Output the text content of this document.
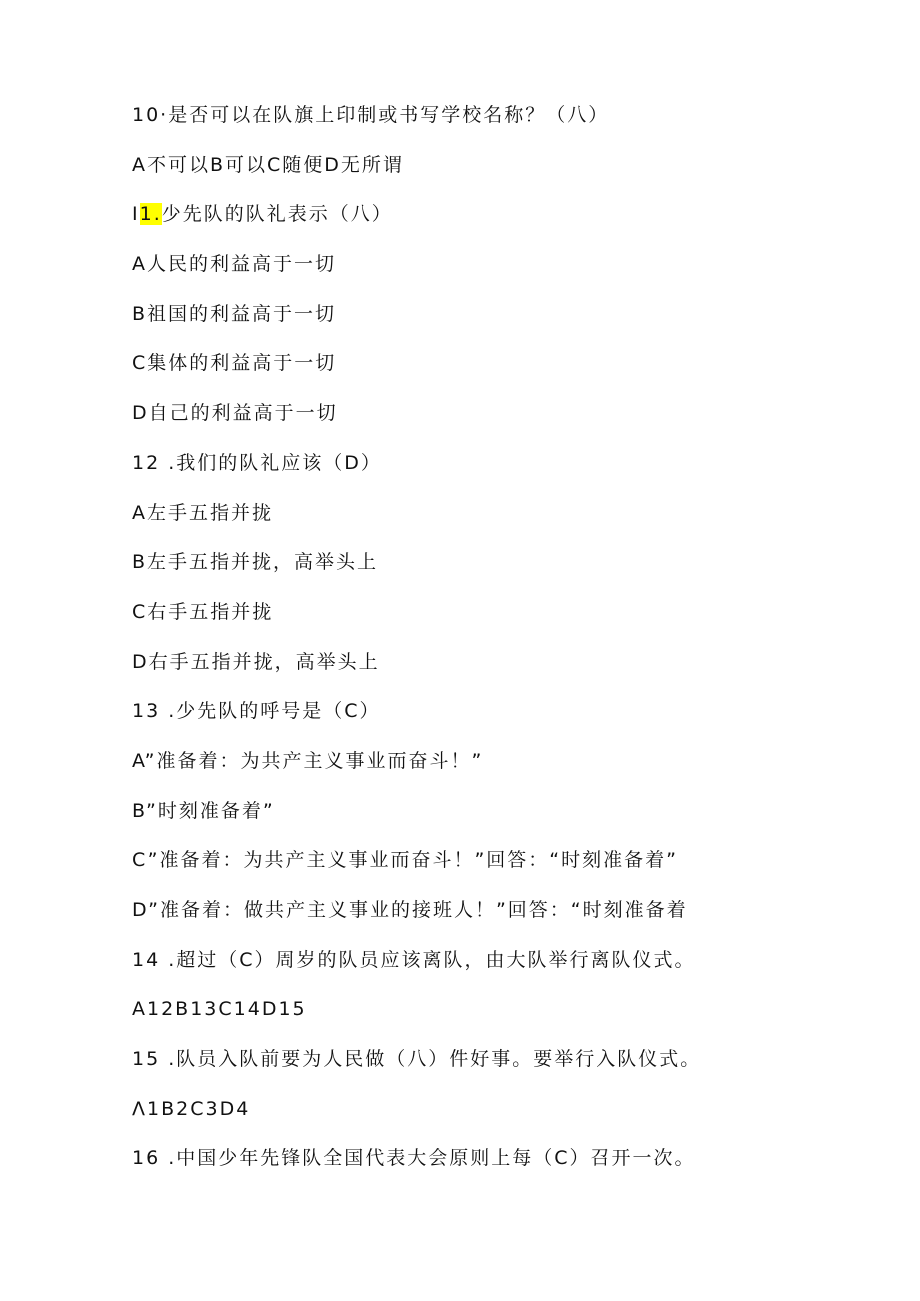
10·是否可以在队旗上印制或书写学校名称？（八）
A不可以B可以C随便D无所谓
I1.少先队的队礼表示（八）
A人民的利益高于一切
B祖国的利益高于一切
C集体的利益高于一切
D自己的利益高于一切
12 .我们的队礼应该（D）
A左手五指并拢
B左手五指并拢，高举头上
C右手五指并拢
D右手五指并拢，高举头上
13 .少先队的呼号是（C）
A”准备着：为共产主义事业而奋斗！”
B”时刻准备着”
C”准备着：为共产主义事业而奋斗！”回答：“时刻准备着”
D”准备着：做共产主义事业的接班人！”回答：“时刻准备着
14 .超过（C）周岁的队员应该离队，由大队举行离队仪式。
A12B13C14D15
15 .队员入队前要为人民做（八）件好事。要举行入队仪式。
Λ1B2C3D4
16 .中国少年先锋队全国代表大会原则上每（C）召开一次。
